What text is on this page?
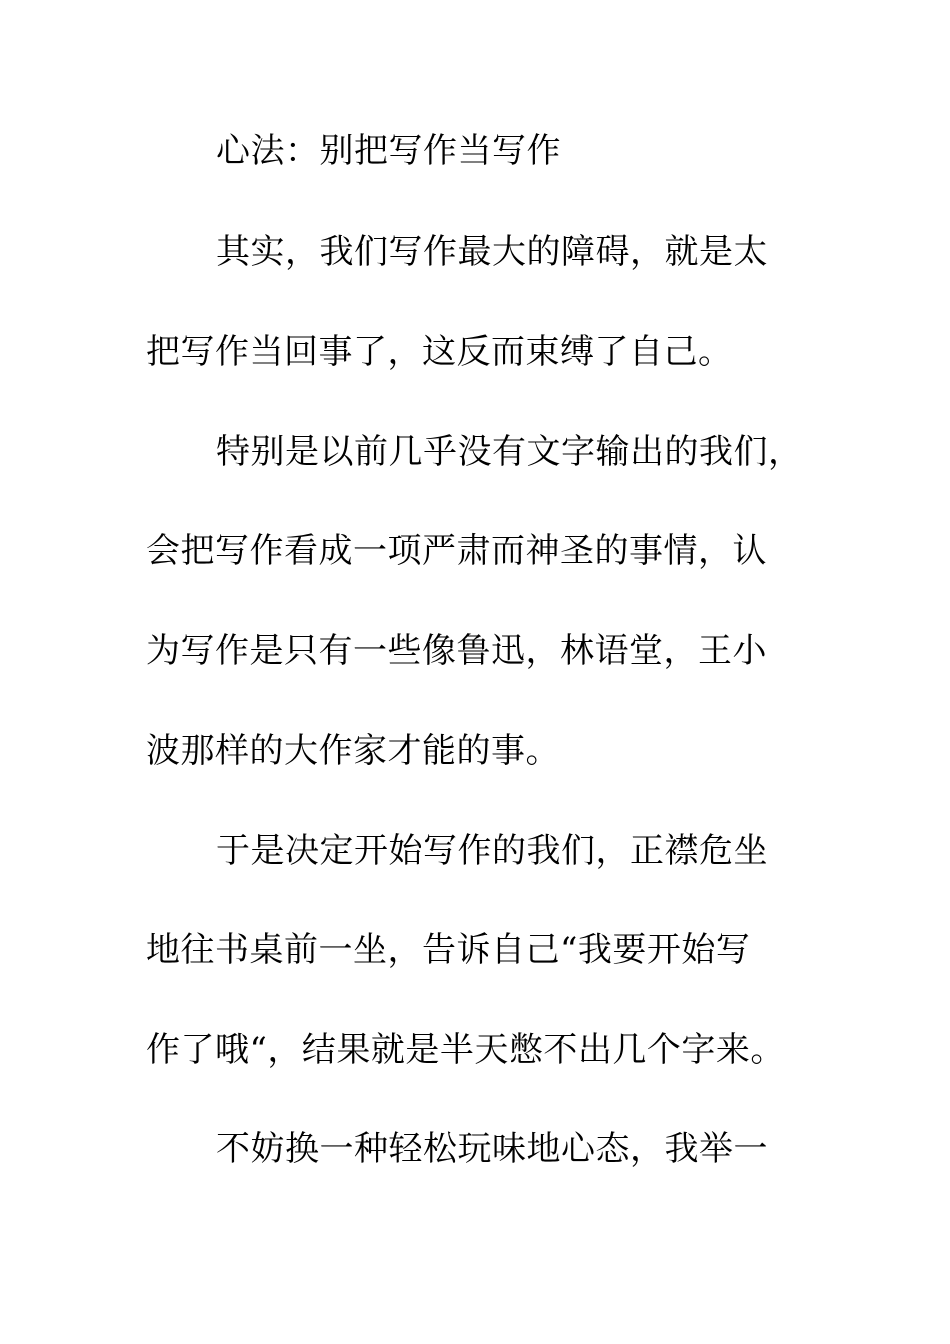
心法：别把写作当写作
其实，我们写作最大的障碍，就是太
把写作当回事了，这反而束缚了自己。
特别是以前几乎没有文字输出的我们，
会把写作看成一项严肃而神圣的事情，认
为写作是只有一些像鲁迅，林语堂，王小
波那样的大作家才能的事。
于是决定开始写作的我们，正襟危坐
地往书桌前一坐，告诉自己“我要开始写
作了哦“，结果就是半天憋不出几个字来。
不妨换一种轻松玩味地心态，我举一
